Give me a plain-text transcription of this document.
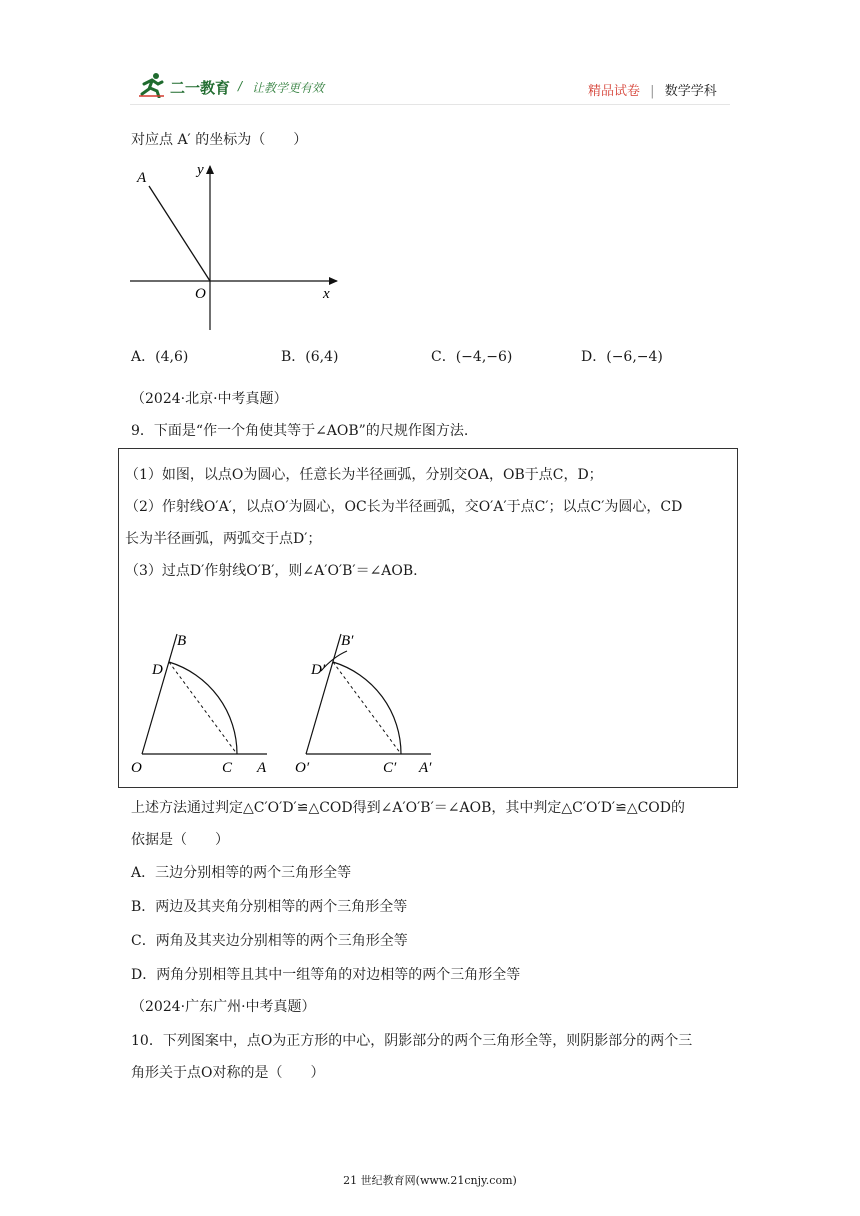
二一教育 / 让教学更有效	精品试卷 | 数学学科
对应点 A′ 的坐标为（　　）
A	y
O	x
A．(4,6)	B．(6,4)	C．(−4,−6)	D．(−6,−4)
（2024·北京·中考真题）
9．下面是“作一个角使其等于∠AOB”的尺规作图方法.
（1）如图，以点O为圆心，任意长为半径画弧，分别交OA，OB于点C，D；
（2）作射线O′A′，以点O′为圆心，OC长为半径画弧，交O′A′于点C′；以点C′为圆心，CD
长为半径画弧，两弧交于点D′；
（3）过点D′作射线O′B′，则∠A′O′B′＝∠AOB.
B
D
O	C A
B′
D′
O′	C′ A′
上述方法通过判定△C′O′D′≌△COD得到∠A′O′B′＝∠AOB，其中判定△C′O′D′≌△COD的
依据是（　　）
A．三边分别相等的两个三角形全等
B．两边及其夹角分别相等的两个三角形全等
C．两角及其夹边分别相等的两个三角形全等
D．两角分别相等且其中一组等角的对边相等的两个三角形全等
（2024·广东广州·中考真题）
10．下列图案中，点O为正方形的中心，阴影部分的两个三角形全等，则阴影部分的两个三
角形关于点O对称的是（　　）
21 世纪教育网(www.21cnjy.com)
